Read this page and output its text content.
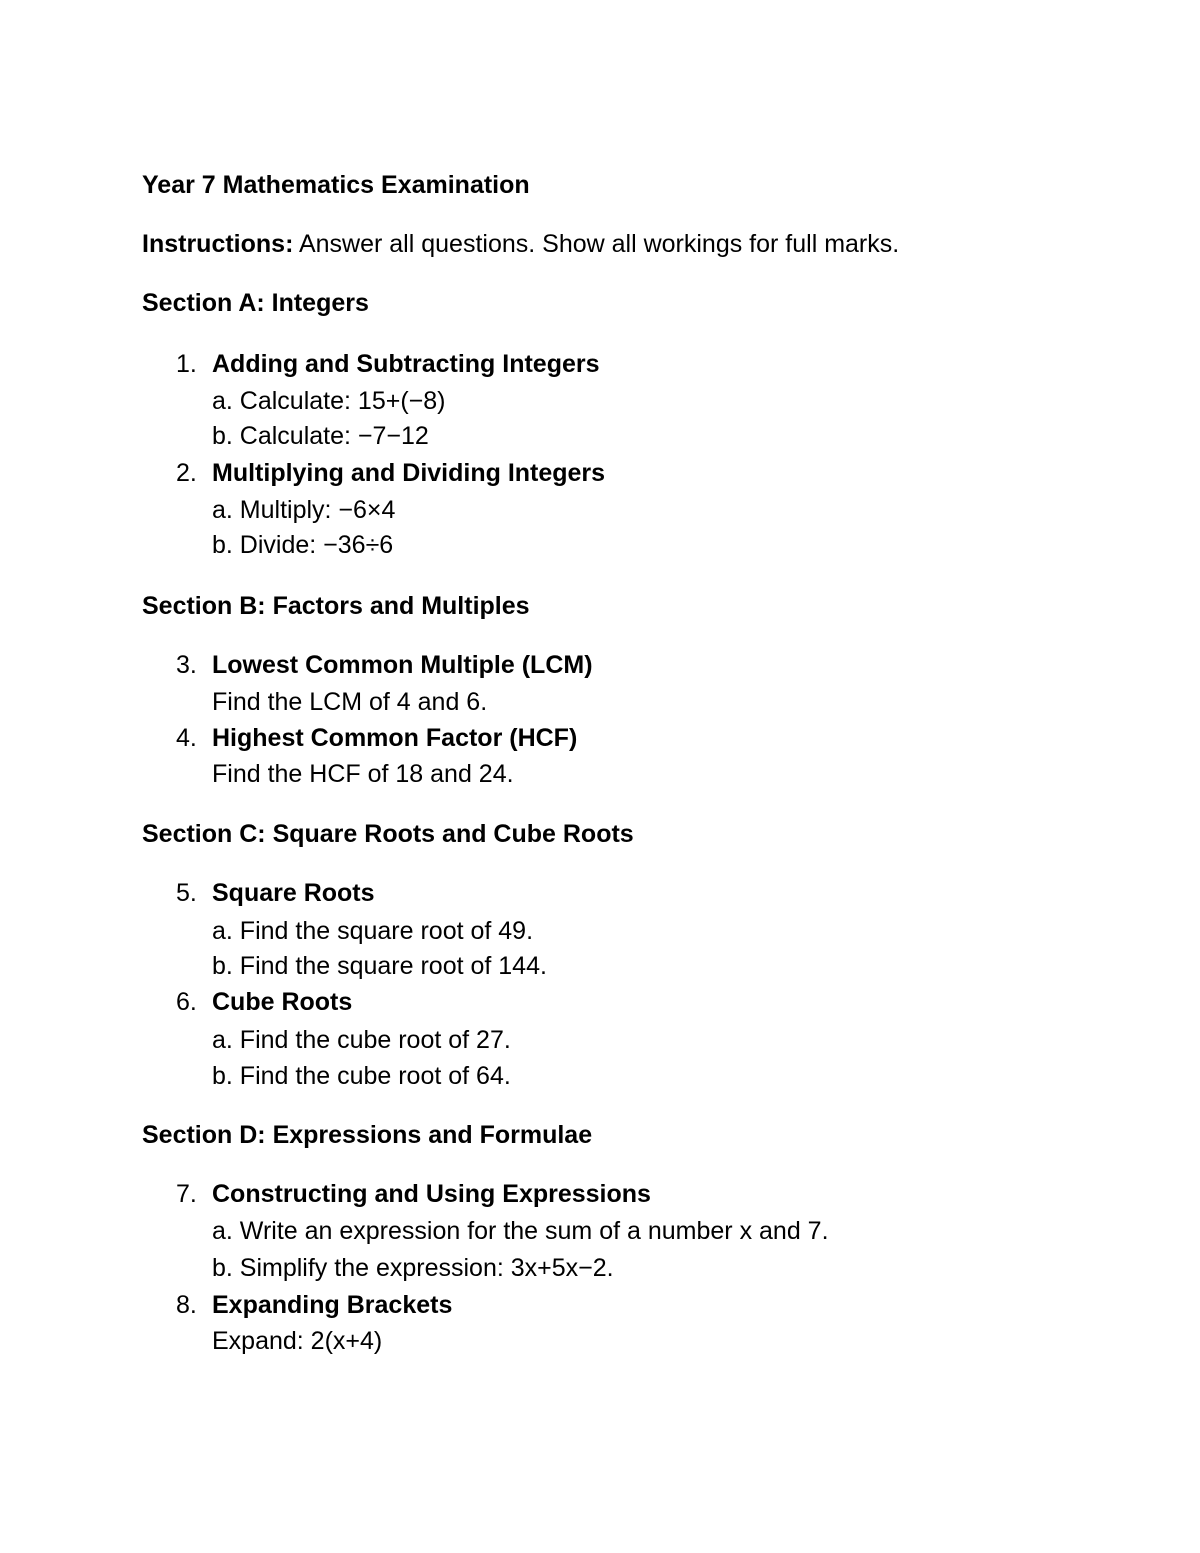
Year 7 Mathematics Examination
Instructions: Answer all questions. Show all workings for full marks.
Section A: Integers
1. Adding and Subtracting Integers
a. Calculate: 15+(−8)
b. Calculate: −7−12
2. Multiplying and Dividing Integers
a. Multiply: −6×4
b. Divide: −36÷6
Section B: Factors and Multiples
3. Lowest Common Multiple (LCM)
Find the LCM of 4 and 6.
4. Highest Common Factor (HCF)
Find the HCF of 18 and 24.
Section C: Square Roots and Cube Roots
5. Square Roots
a. Find the square root of 49.
b. Find the square root of 144.
6. Cube Roots
a. Find the cube root of 27.
b. Find the cube root of 64.
Section D: Expressions and Formulae
7. Constructing and Using Expressions
a. Write an expression for the sum of a number x and 7.
b. Simplify the expression: 3x+5x−2.
8. Expanding Brackets
Expand: 2(x+4)
